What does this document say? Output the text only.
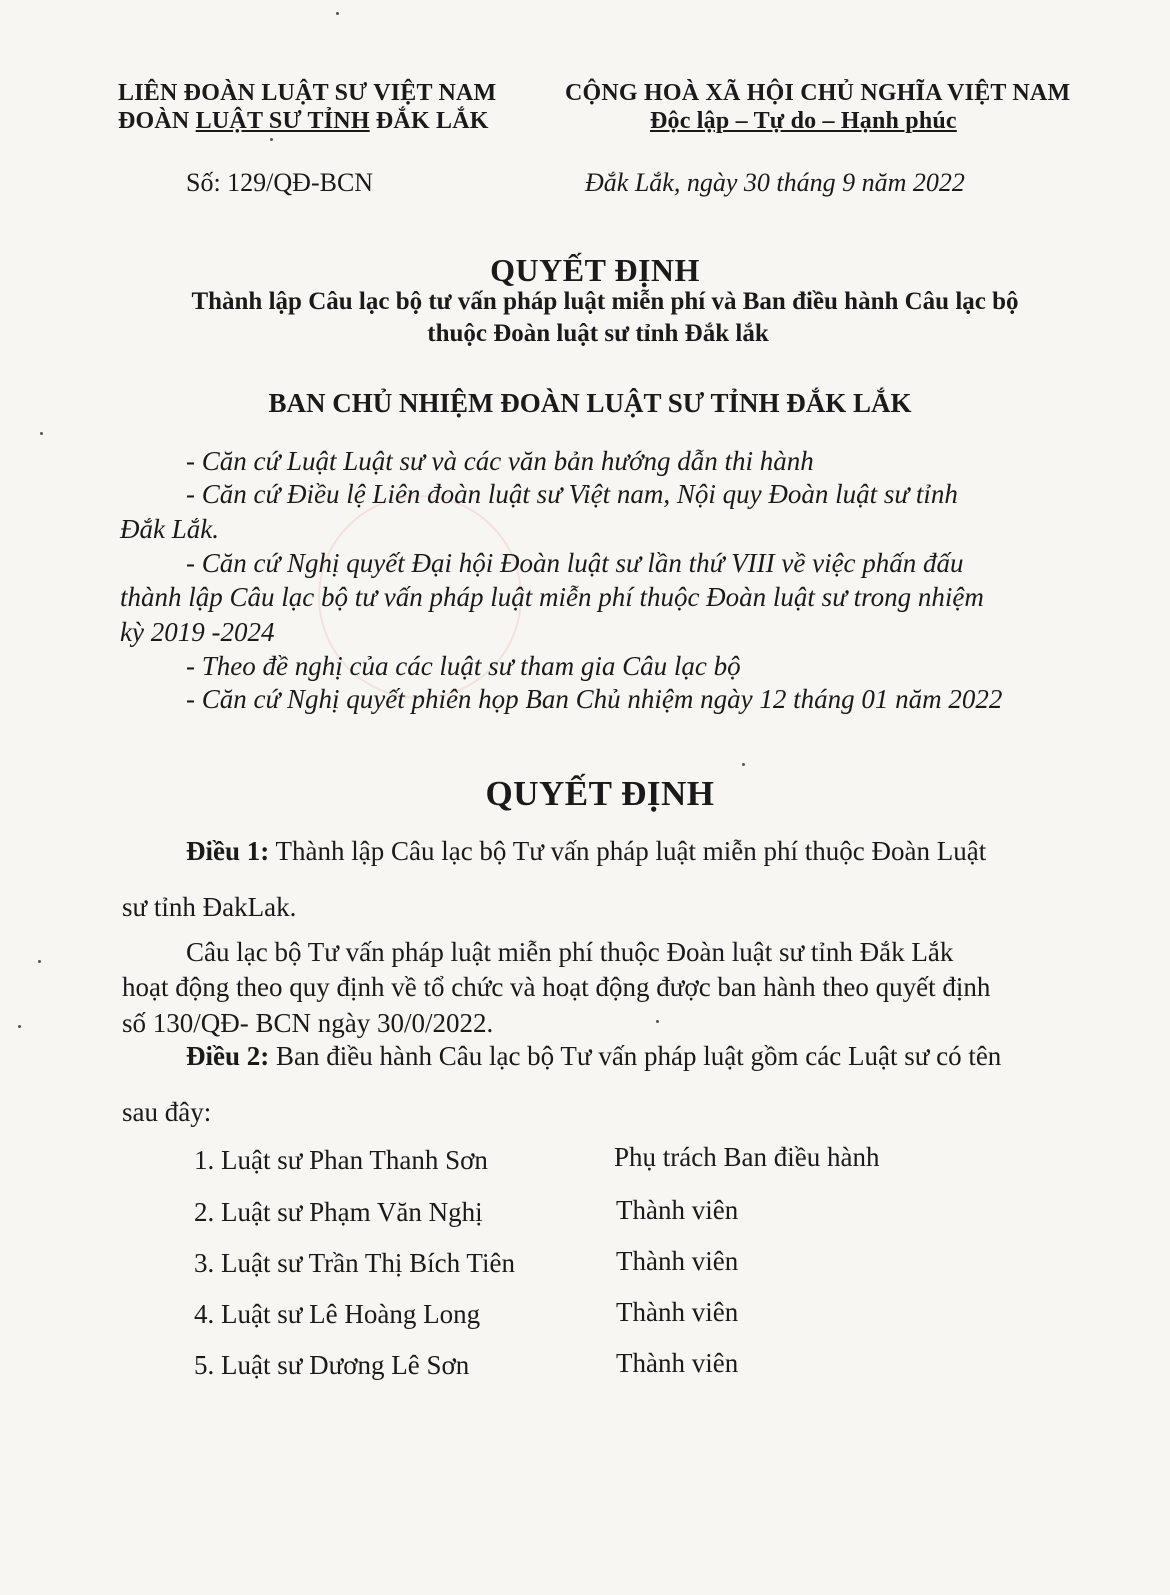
LIÊN ĐOÀN LUẬT SƯ VIỆT NAM
ĐOÀN LUẬT SƯ TỈNH ĐẮK LẮK
CỘNG HOÀ XÃ HỘI CHỦ NGHĨA VIỆT NAM
Độc lập – Tự do – Hạnh phúc
Số: 129/QĐ-BCN	Đắk Lắk, ngày 30 tháng 9 năm 2022
QUYẾT ĐỊNH
Thành lập Câu lạc bộ tư vấn pháp luật miễn phí và Ban điều hành Câu lạc bộ
thuộc Đoàn luật sư tỉnh Đắk lắk
BAN CHỦ NHIỆM ĐOÀN LUẬT SƯ TỈNH ĐẮK LẮK
- Căn cứ Luật Luật sư và các văn bản hướng dẫn thi hành
- Căn cứ Điều lệ Liên đoàn luật sư Việt nam, Nội quy Đoàn luật sư tỉnh
Đắk Lắk.
- Căn cứ Nghị quyết Đại hội Đoàn luật sư lần thứ VIII về việc phấn đấu
thành lập Câu lạc bộ tư vấn pháp luật miễn phí thuộc Đoàn luật sư trong nhiệm
kỳ 2019 -2024
- Theo đề nghị của các luật sư tham gia Câu lạc bộ
- Căn cứ Nghị quyết phiên họp Ban Chủ nhiệm ngày 12 tháng 01 năm 2022
QUYẾT ĐỊNH
Điều 1: Thành lập Câu lạc bộ Tư vấn pháp luật miễn phí thuộc Đoàn Luật
sư tỉnh ĐakLak.
Câu lạc bộ Tư vấn pháp luật miễn phí thuộc Đoàn luật sư tỉnh Đắk Lắk
hoạt động theo quy định về tổ chức và hoạt động được ban hành theo quyết định
số 130/QĐ- BCN ngày 30/0/2022.
Điều 2: Ban điều hành Câu lạc bộ Tư vấn pháp luật gồm các Luật sư có tên
sau đây:
1. Luật sư Phan Thanh Sơn	Phụ trách Ban điều hành
2. Luật sư Phạm Văn Nghị	Thành viên
3. Luật sư Trần Thị Bích Tiên	Thành viên
4. Luật sư Lê Hoàng Long	Thành viên
5. Luật sư Dương Lê Sơn	Thành viên
